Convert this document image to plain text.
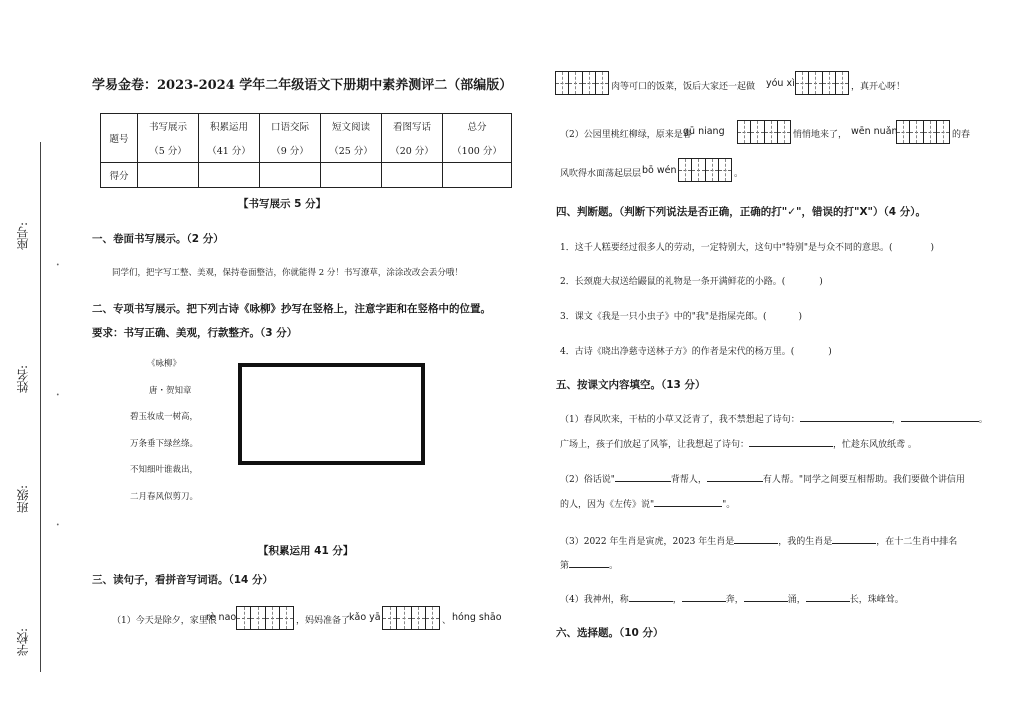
座号:
姓名:
班级:
学校:
•
•
•
学易金卷：2023-2024 学年二年级语文下册期中素养测评二（部编版）
题号	书写展示	积累运用	口语交际	短文阅读	看图写话	总分
	（5 分）	（41 分）	（9 分）	（25 分）	（20 分）	（100 分）
得分						
【书写展示 5 分】
一、卷面书写展示。（2 分）
同学们，把字写工整、美观，保持卷面整洁，你就能得 2 分！书写潦草，涂涂改改会丢分哦！
二、专项书写展示。把下列古诗《咏柳》抄写在竖格上，注意字距和在竖格中的位置。
要求：书写正确、美观，行款整齐。（3 分）
《咏柳》
唐・贺知章
碧玉妆成一树高，
万条垂下绿丝绦。
不知细叶谁裁出，
二月春风似剪刀。
【积累运用 41 分】
三、读句子，看拼音写词语。（14 分）
（1）今天是除夕，家里很
rè nao	，妈妈准备了
kǎo yā	、 hóng shāo
肉等可口的饭菜，饭后大家还一起做 yóu xì	，真开心呀！
（2）公园里桃红柳绿，原来是春
gū niang	悄悄地来了， wēn nuǎn	的春
风吹得水面荡起层层 bō wén	。
四、判断题。（判断下列说法是否正确，正确的打"✓"，错误的打"X"）（4 分）。
1．这千人糕要经过很多人的劳动，一定特别大，这句中"特别"是与众不同的意思。(	)
2．长颈鹿大叔送给鼹鼠的礼物是一条开满鲜花的小路。(	)
3．课文《我是一只小虫子》中的"我"是指屎壳郎。(	)
4．古诗《晓出净慈寺送林子方》的作者是宋代的杨万里。(	)
五、按课文内容填空。（13 分）
（1）春风吹来，干枯的小草又泛青了，我不禁想起了诗句：	，	。
广场上，孩子们放起了风筝，让我想起了诗句：	，忙趁东风放纸鸢 。
（2）俗话说"	背帮人，	有人帮。"同学之间要互相帮助。我们要做个讲信用
的人，因为《左传》说"	"。
（3）2022 年生肖是寅虎，2023 年生肖是	，我的生肖是	，在十二生肖中排名
第	。
（4）我神州，称	，	奔，	涌，	长，珠峰耸。
六、选择题。（10 分）
